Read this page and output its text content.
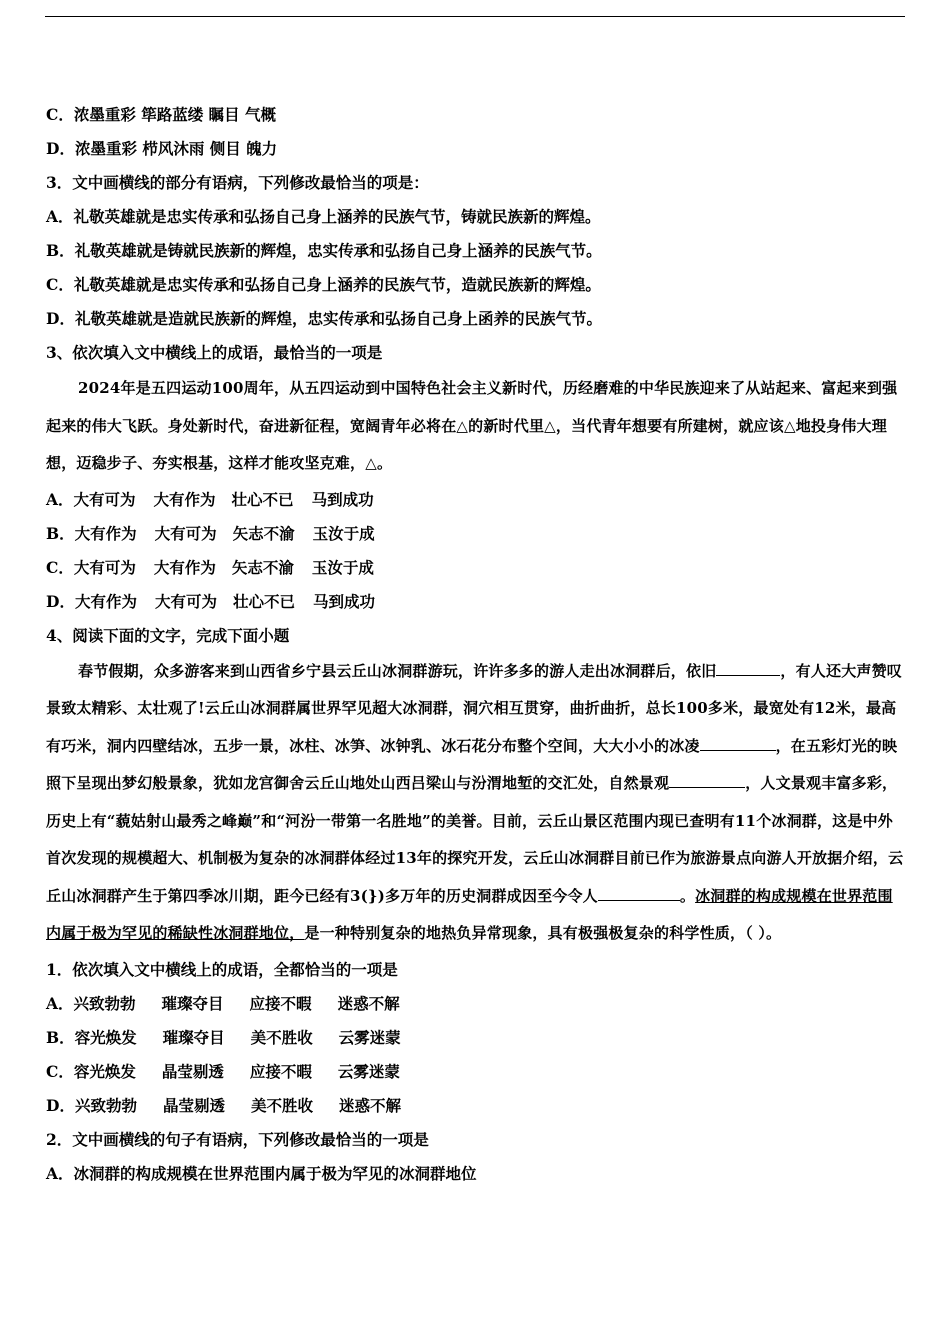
C．浓墨重彩 筚路蓝缕 瞩目 气概
D．浓墨重彩 栉风沐雨 侧目 魄力
3．文中画横线的部分有语病，下列修改最恰当的项是：
A．礼敬英雄就是忠实传承和弘扬自己身上涵养的民族气节，铸就民族新的辉煌。
B．礼敬英雄就是铸就民族新的辉煌，忠实传承和弘扬自己身上涵养的民族气节。
C．礼敬英雄就是忠实传承和弘扬自己身上涵养的民族气节，造就民族新的辉煌。
D．礼敬英雄就是造就民族新的辉煌，忠实传承和弘扬自己身上函养的民族气节。
3、依次填入文中横线上的成语，最恰当的一项是

2024年是五四运动100周年，从五四运动到中国特色社会主义新时代，历经磨难的中华民族迎来了从站起来、富起来到强起来的伟大飞跃。身处新时代，奋进新征程，宽阔青年必将在△的新时代里△，当代青年想要有所建树，就应该△地投身伟大理想，迈稳步子、夯实根基，这样才能攻坚克难，△。

A．大有可为 大有作为 壮心不已 马到成功
B．大有作为 大有可为 矢志不渝 玉汝于成
C．大有可为 大有作为 矢志不渝 玉汝于成
D．大有作为 大有可为 壮心不已 马到成功
4、阅读下面的文字，完成下面小题

春节假期，众多游客来到山西省乡宁县云丘山冰洞群游玩，许许多多的游人走出冰洞群后，依旧	，有人还大声赞叹景致太精彩、太壮观了!云丘山冰洞群属世界罕见超大冰洞群，洞穴相互贯穿，曲折曲折，总长100多米，最宽处有12米，最高有巧米，洞内四壁结冰，五步一景，冰柱、冰笋、冰钟乳、冰石花分布整个空间，大大小小的冰凌	，在五彩灯光的映照下呈现出梦幻般景象，犹如龙宫御舍云丘山地处山西吕梁山与汾渭地堑的交汇处，自然景观	，人文景观丰富多彩，历史上有“藐姑射山最秀之峰巅”和“河汾一带第一名胜地”的美誉。目前，云丘山景区范围内现已查明有11个冰洞群，这是中外首次发现的规模超大、机制极为复杂的冰洞群体经过13年的探究开发，云丘山冰洞群目前已作为旅游景点向游人开放据介绍，云丘山冰洞群产生于第四季冰川期，距今已经有3(})多万年的历史洞群成因至今令人	。冰洞群的构成规模在世界范围内属于极为罕见的稀缺性冰洞群地位，是一种特别复杂的地热负异常现象，具有极强极复杂的科学性质，（ ）。

1．依次填入文中横线上的成语，全都恰当的一项是
A．兴致勃勃 璀璨夺目 应接不暇 迷惑不解
B．容光焕发 璀璨夺目 美不胜收 云雾迷蒙
C．容光焕发 晶莹剔透 应接不暇 云雾迷蒙
D．兴致勃勃 晶莹剔透 美不胜收 迷惑不解
2．文中画横线的句子有语病，下列修改最恰当的一项是
A．冰洞群的构成规模在世界范围内属于极为罕见的冰洞群地位
